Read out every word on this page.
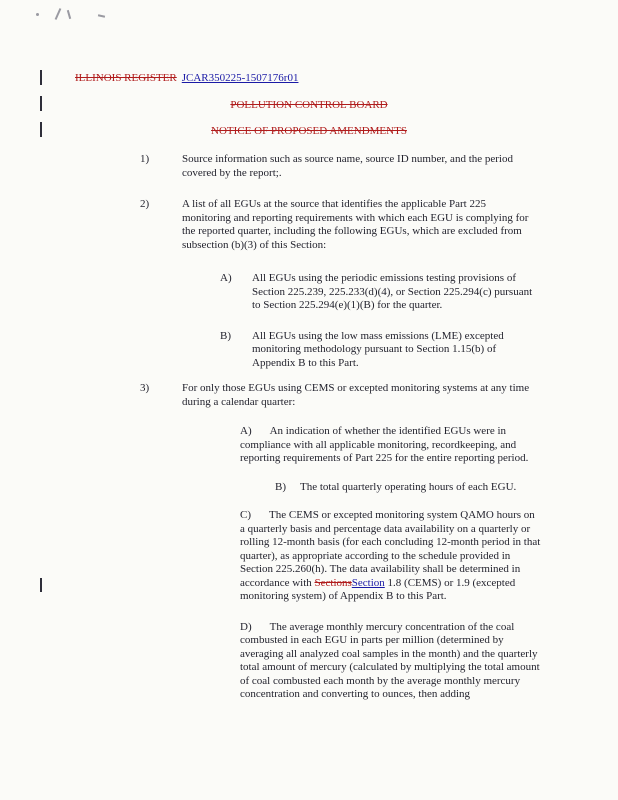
ILLINOIS REGISTER JCAR350225-1507176r01
POLLUTION CONTROL BOARD
NOTICE OF PROPOSED AMENDMENTS
1)	Source information such as source name, source ID number, and the period covered by the report;.
2)	A list of all EGUs at the source that identifies the applicable Part 225 monitoring and reporting requirements with which each EGU is complying for the reported quarter, including the following EGUs, which are excluded from subsection (b)(3) of this Section:
A)	All EGUs using the periodic emissions testing provisions of Section 225.239, 225.233(d)(4), or Section 225.294(c) pursuant to Section 225.294(e)(1)(B) for the quarter.
B)	All EGUs using the low mass emissions (LME) excepted monitoring methodology pursuant to Section 1.15(b) of Appendix B to this Part.
3)	For only those EGUs using CEMS or excepted monitoring systems at any time during a calendar quarter:
A) An indication of whether the identified EGUs were in compliance with all applicable monitoring, recordkeeping, and reporting requirements of Part 225 for the entire reporting period.
B) The total quarterly operating hours of each EGU.
C) The CEMS or excepted monitoring system QAMO hours on a quarterly basis and percentage data availability on a quarterly or rolling 12-month basis (for each concluding 12-month period in that quarter), as appropriate according to the schedule provided in Section 225.260(h). The data availability shall be determined in accordance with SectionsSection 1.8 (CEMS) or 1.9 (excepted monitoring system) of Appendix B to this Part.
D) The average monthly mercury concentration of the coal combusted in each EGU in parts per million (determined by averaging all analyzed coal samples in the month) and the quarterly total amount of mercury (calculated by multiplying the total amount of coal combusted each month by the average monthly mercury concentration and converting to ounces, then adding
